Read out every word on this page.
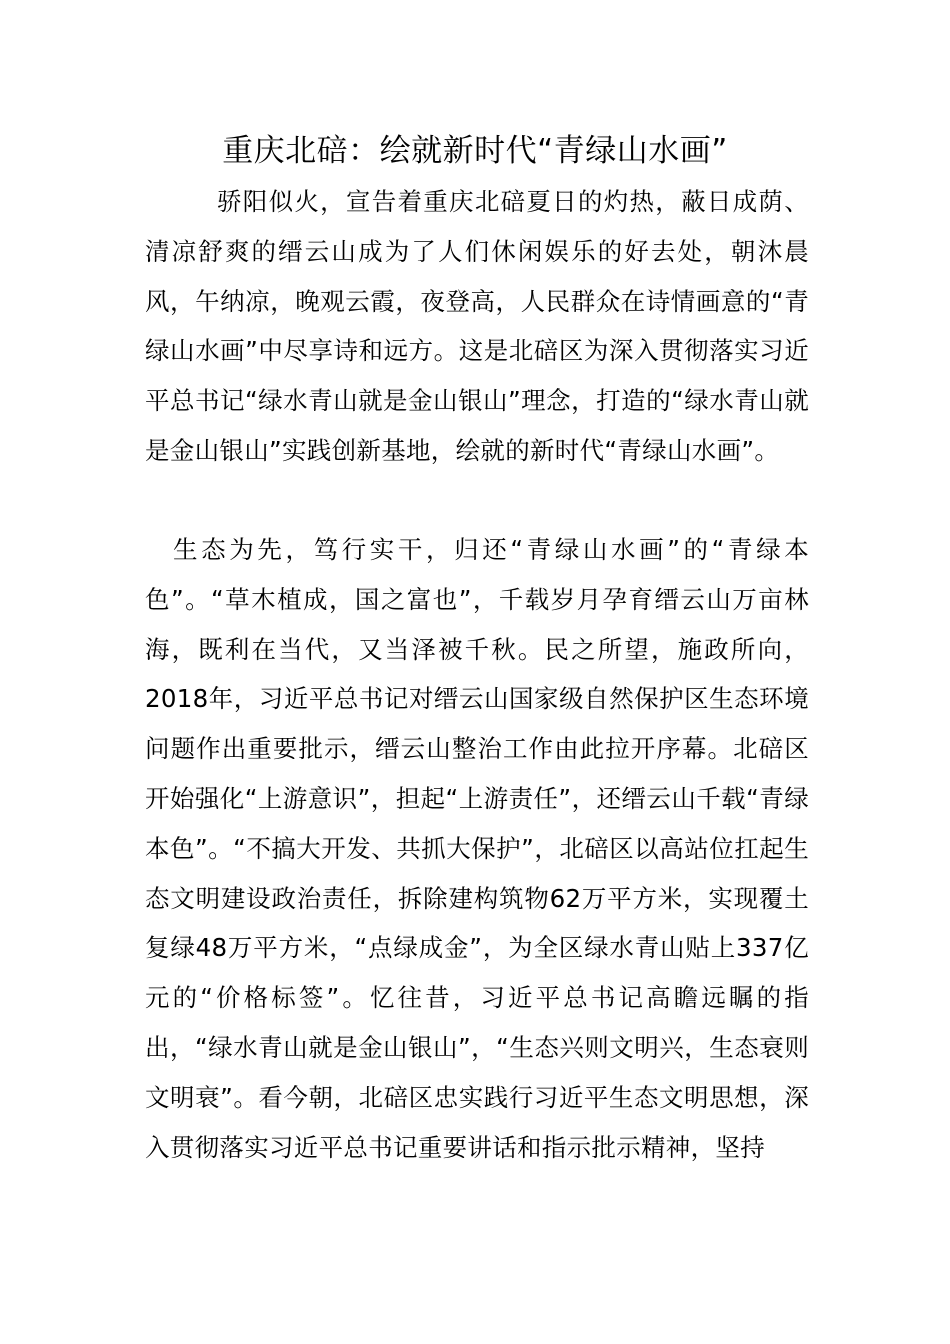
重庆北碚：绘就新时代“青绿山水画”

骄阳似火，宣告着重庆北碚夏日的灼热，蔽日成荫、清凉舒爽的缙云山成为了人们休闲娱乐的好去处，朝沐晨风，午纳凉，晚观云霞，夜登高，人民群众在诗情画意的“青绿山水画”中尽享诗和远方。这是北碚区为深入贯彻落实习近平总书记“绿水青山就是金山银山”理念，打造的“绿水青山就是金山银山”实践创新基地，绘就的新时代“青绿山水画”。

生态为先，笃行实干，归还“青绿山水画”的“青绿本色”。“草木植成，国之富也”，千载岁月孕育缙云山万亩林海，既利在当代，又当泽被千秋。民之所望，施政所向，2018年，习近平总书记对缙云山国家级自然保护区生态环境问题作出重要批示，缙云山整治工作由此拉开序幕。北碚区开始强化“上游意识”，担起“上游责任”，还缙云山千载“青绿本色”。“不搞大开发、共抓大保护”，北碚区以高站位扛起生态文明建设政治责任，拆除建构筑物62万平方米，实现覆土复绿48万平方米，“点绿成金”，为全区绿水青山贴上337亿元的“价格标签”。忆往昔，习近平总书记高瞻远瞩的指出，“绿水青山就是金山银山”，“生态兴则文明兴，生态衰则文明衰”。看今朝，北碚区忠实践行习近平生态文明思想，深入贯彻落实习近平总书记重要讲话和指示批示精神，坚持
